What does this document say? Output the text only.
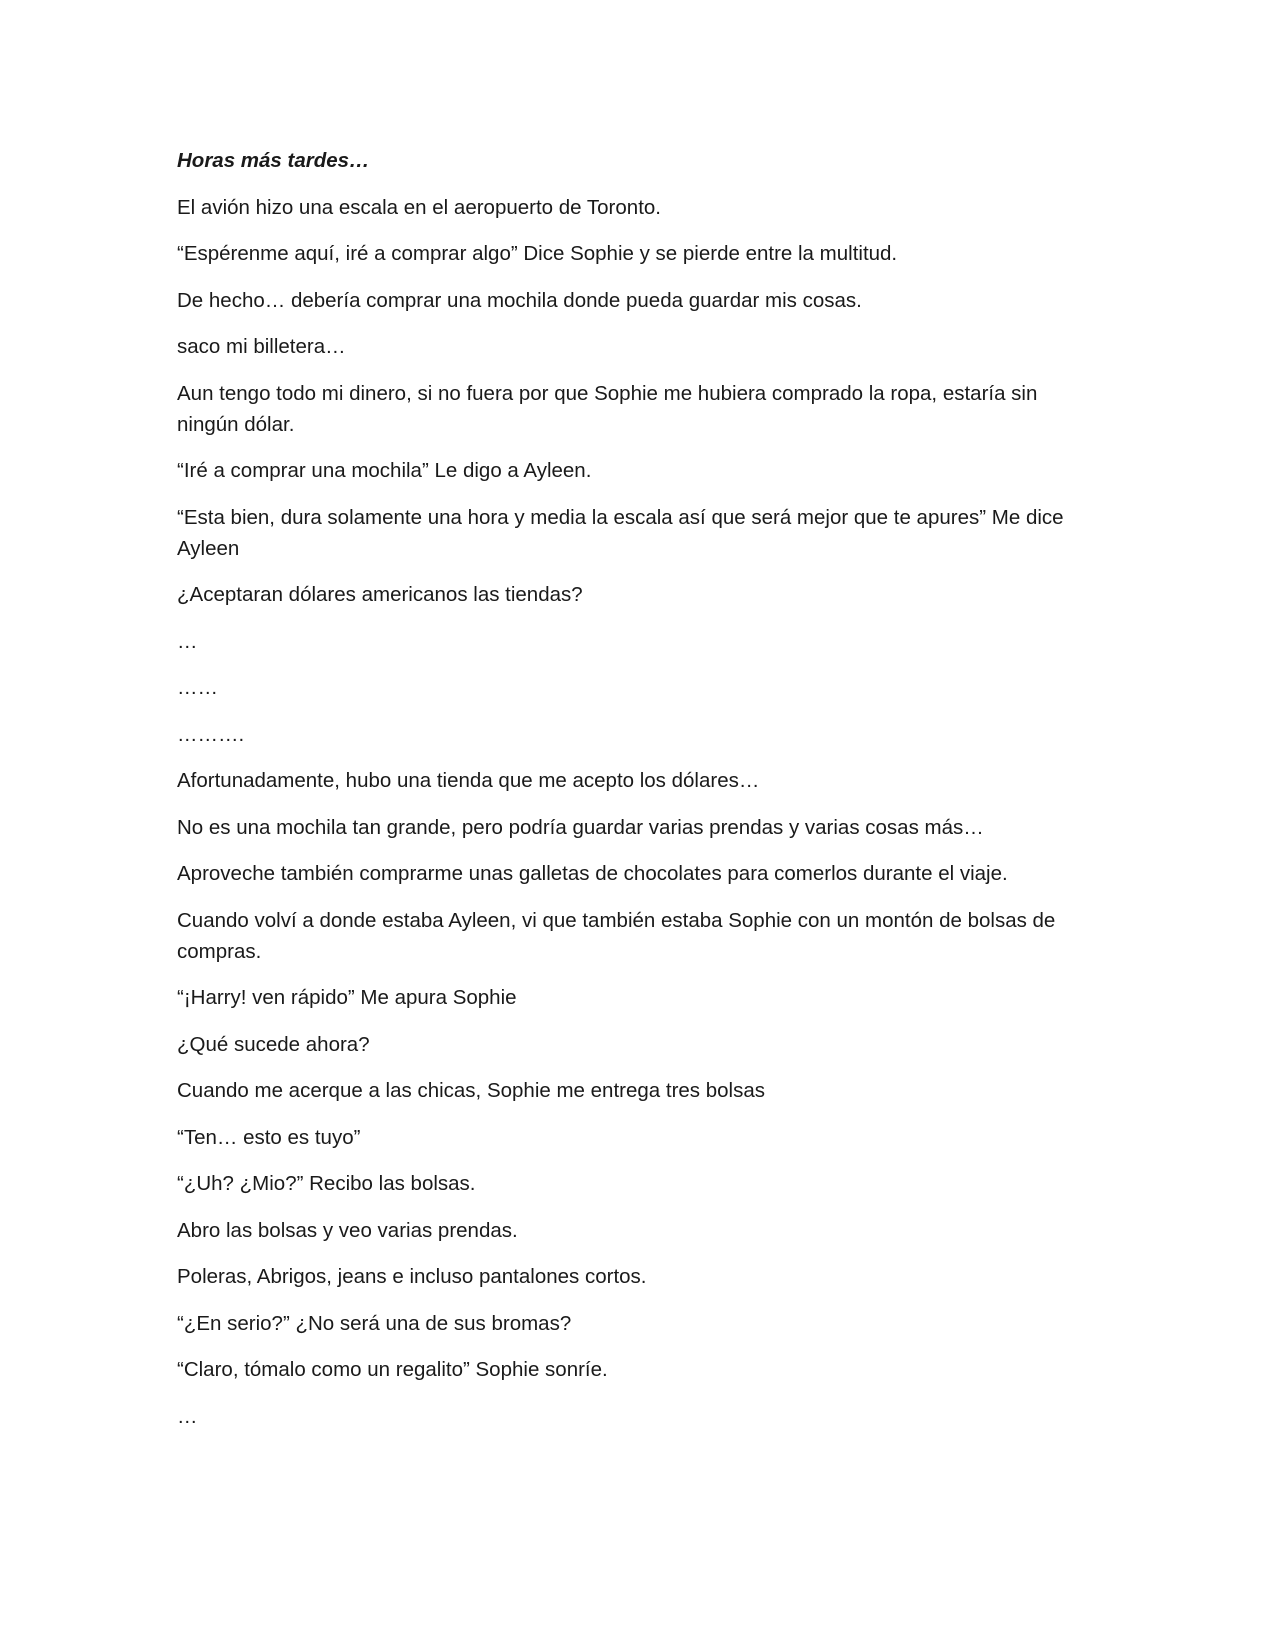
Horas más tardes…

El avión hizo una escala en el aeropuerto de Toronto.

“Espérenme aquí, iré a comprar algo” Dice Sophie y se pierde entre la multitud.

De hecho… debería comprar una mochila donde pueda guardar mis cosas.

saco mi billetera…

Aun tengo todo mi dinero, si no fuera por que Sophie me hubiera comprado la ropa, estaría sin ningún dólar.

“Iré a comprar una mochila” Le digo a Ayleen.

“Esta bien, dura solamente una hora y media la escala así que será mejor que te apures” Me dice Ayleen

¿Aceptaran dólares americanos las tiendas?

…

……

……….

Afortunadamente, hubo una tienda que me acepto los dólares…

No es una mochila tan grande, pero podría guardar varias prendas y varias cosas más…

Aproveche también comprarme unas galletas de chocolates para comerlos durante el viaje.

Cuando volví a donde estaba Ayleen, vi que también estaba Sophie con un montón de bolsas de compras.

“¡Harry! ven rápido” Me apura Sophie

¿Qué sucede ahora?

Cuando me acerque a las chicas, Sophie me entrega tres bolsas

“Ten… esto es tuyo”

“¿Uh? ¿Mio?” Recibo las bolsas.

Abro las bolsas y veo varias prendas.

Poleras, Abrigos, jeans e incluso pantalones cortos.

“¿En serio?” ¿No será una de sus bromas?

“Claro, tómalo como un regalito” Sophie sonríe.

…
